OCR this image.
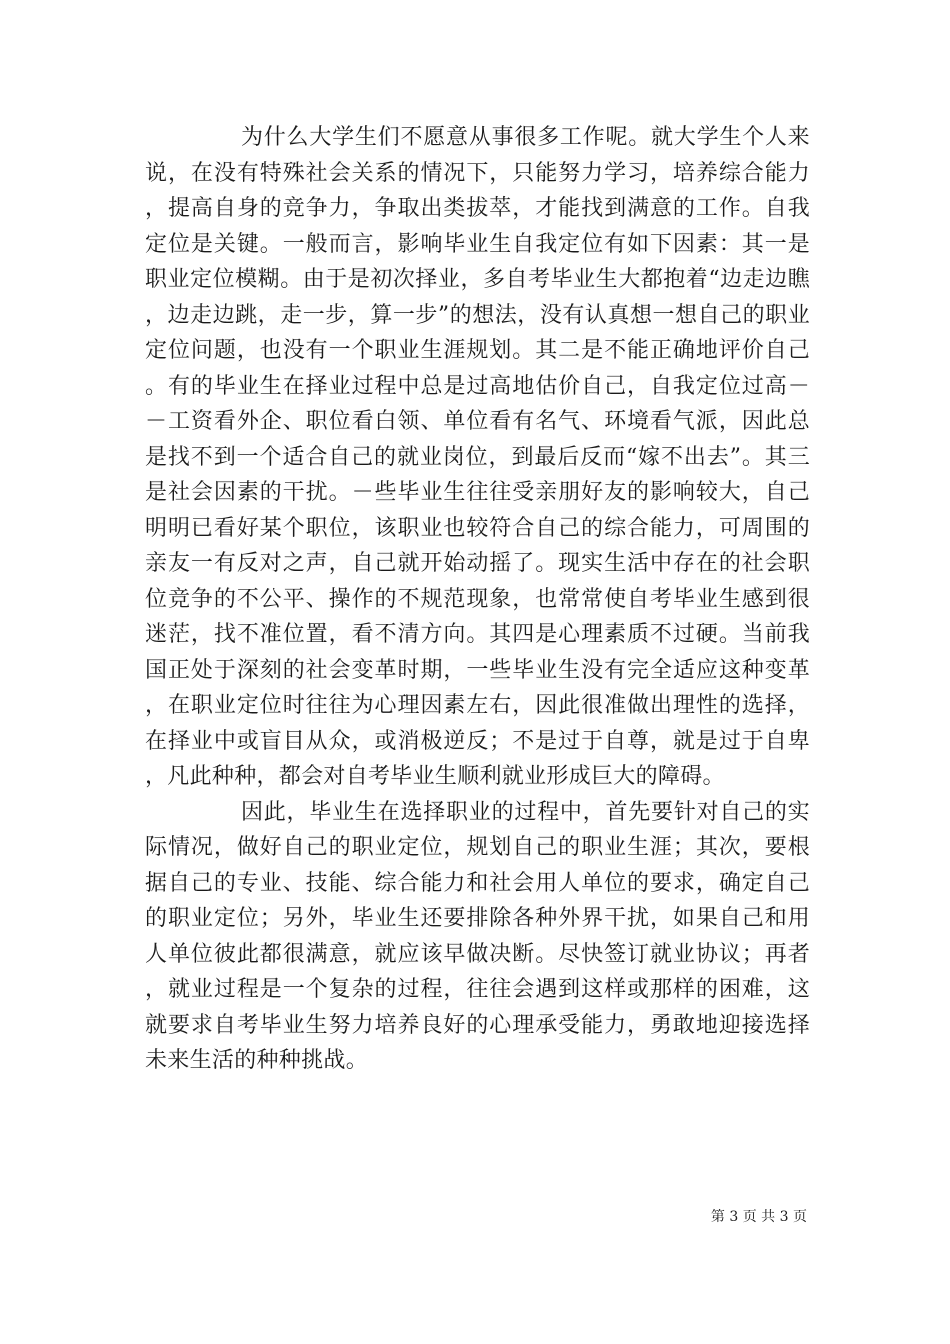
为什么大学生们不愿意从事很多工作呢。就大学生个人来说，在没有特殊社会关系的情况下，只能努力学习，培养综合能力，提高自身的竞争力，争取出类拔萃，才能找到满意的工作。自我定位是关键。一般而言，影响毕业生自我定位有如下因素：其一是职业定位模糊。由于是初次择业，多自考毕业生大都抱着“边走边瞧，边走边跳，走一步，算一步”的想法，没有认真想一想自己的职业定位问题，也没有一个职业生涯规划。其二是不能正确地评价自己。有的毕业生在择业过程中总是过高地估价自己，自我定位过高－－工资看外企、职位看白领、单位看有名气、环境看气派，因此总是找不到一个适合自己的就业岗位，到最后反而“嫁不出去”。其三是社会因素的干扰。－些毕业生往往受亲朋好友的影响较大，自己明明已看好某个职位，该职业也较符合自己的综合能力，可周围的亲友一有反对之声，自己就开始动摇了。现实生活中存在的社会职位竞争的不公平、操作的不规范现象，也常常使自考毕业生感到很迷茫，找不准位置，看不清方向。其四是心理素质不过硬。当前我国正处于深刻的社会变革时期，一些毕业生没有完全适应这种变革，在职业定位时往往为心理因素左右，因此很准做出理性的选择，在择业中或盲目从众，或消极逆反；不是过于自尊，就是过于自卑，凡此种种，都会对自考毕业生顺利就业形成巨大的障碍。

因此，毕业生在选择职业的过程中，首先要针对自己的实际情况，做好自己的职业定位，规划自己的职业生涯；其次，要根据自己的专业、技能、综合能力和社会用人单位的要求，确定自己的职业定位；另外，毕业生还要排除各种外界干扰，如果自己和用人单位彼此都很满意，就应该早做决断。尽快签订就业协议；再者，就业过程是一个复杂的过程，往往会遇到这样或那样的困难，这就要求自考毕业生努力培养良好的心理承受能力，勇敢地迎接选择未来生活的种种挑战。

第 3 页 共 3 页
